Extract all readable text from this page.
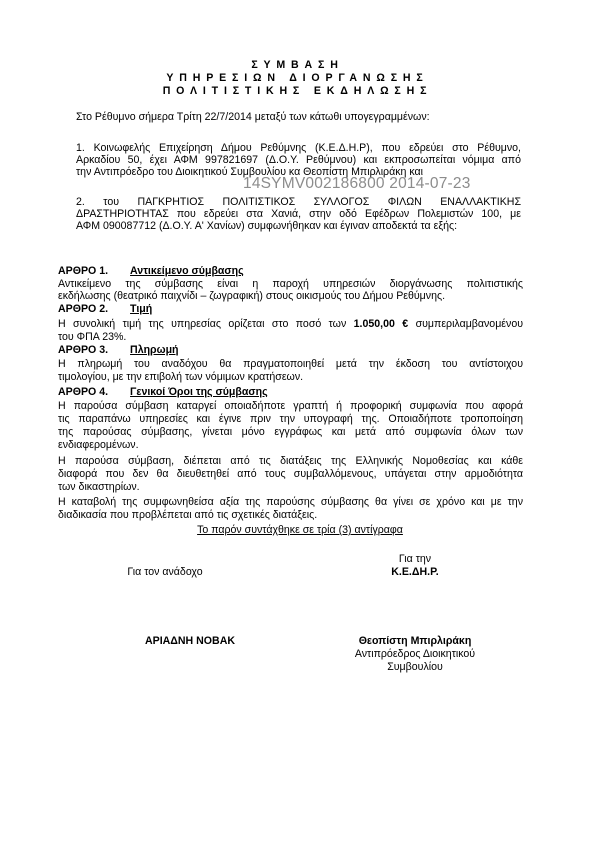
ΣΥΜΒΑΣΗ
ΥΠΗΡΕΣΙΩΝ ΔΙΟΡΓΑΝΩΣΗΣ
ΠΟΛΙΤΙΣΤΙΚΗΣ ΕΚΔΗΛΩΣΗΣ
Στο Ρέθυμνο σήμερα Τρίτη 22/7/2014 μεταξύ των κάτωθι υπογεγραμμένων:
1. Κοινωφελής Επιχείρηση Δήμου Ρεθύμνης (Κ.Ε.Δ.Η.Ρ), που εδρεύει στο Ρέθυμνο,
Αρκαδίου 50, έχει ΑΦΜ 997821697 (Δ.Ο.Υ. Ρεθύμνου) και εκπροσωπείται νόμιμα από
την Αντιπρόεδρο του Διοικητικού Συμβουλίου κα Θεοπίστη Μπιρλιράκη και
14SYMV002186800 2014-07-23
2. του ΠΑΓΚΡΗΤΙΟΣ ΠΟΛΙΤΙΣΤΙΚΟΣ ΣΥΛΛΟΓΟΣ ΦΙΛΩΝ ΕΝΑΛΛΑΚΤΙΚΗΣ
ΔΡΑΣΤΗΡΙΟΤΗΤΑΣ που εδρεύει στα Χανιά, στην οδό Εφέδρων Πολεμιστών 100, με
ΑΦΜ 090087712 (Δ.Ο.Υ. Α' Χανίων) συμφωνήθηκαν και έγιναν αποδεκτά τα εξής:
ΑΡΘΡΟ 1. Αντικείμενο σύμβασης
Αντικείμενο της σύμβασης είναι η παροχή υπηρεσιών διοργάνωσης πολιτιστικής
εκδήλωσης (θεατρικό παιχνίδι – ζωγραφική) στους οικισμούς του Δήμου Ρεθύμνης.
ΑΡΘΡΟ 2. Τιμή
Η συνολική τιμή της υπηρεσίας ορίζεται στο ποσό των 1.050,00 € συμπεριλαμβανομένου
του ΦΠΑ 23%.
ΑΡΘΡΟ 3. Πληρωμή
Η πληρωμή του αναδόχου θα πραγματοποιηθεί μετά την έκδοση του αντίστοιχου
τιμολογίου, με την επιβολή των νόμιμων κρατήσεων.
ΑΡΘΡΟ 4. Γενικοί Όροι της σύμβασης
Η παρούσα σύμβαση καταργεί οποιαδήποτε γραπτή ή προφορική συμφωνία που αφορά
τις παραπάνω υπηρεσίες και έγινε πριν την υπογραφή της. Οποιαδήποτε τροποποίηση
της παρούσας σύμβασης, γίνεται μόνο εγγράφως και μετά από συμφωνία όλων των
ενδιαφερομένων.
Η παρούσα σύμβαση, διέπεται από τις διατάξεις της Ελληνικής Νομοθεσίας και κάθε
διαφορά που δεν θα διευθετηθεί από τους συμβαλλόμενους, υπάγεται στην αρμοδιότητα
των δικαστηρίων.
Η καταβολή της συμφωνηθείσα αξία της παρούσης σύμβασης θα γίνει σε χρόνο και με την
διαδικασία που προβλέπεται από τις σχετικές διατάξεις.
Το παρόν συντάχθηκε σε τρία (3) αντίγραφα
Για την
Για τον ανάδοχο	Κ.Ε.ΔΗ.Ρ.
ΑΡΙΑΔΝΗ ΝΟΒΑΚ	Θεοπίστη Μπιρλιράκη
Αντιπρόεδρος Διοικητικού
Συμβουλίου
